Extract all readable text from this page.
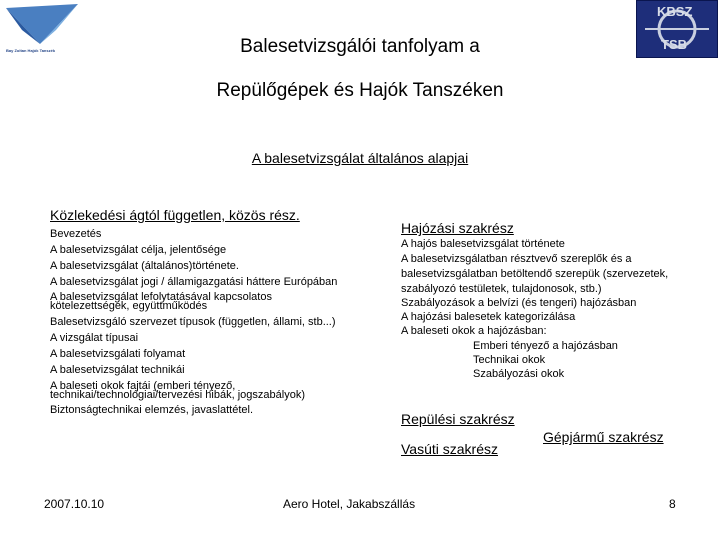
Bay Zoltan Hajók Tanszék
KBSZ
TSB
Balesetvizsgálói tanfolyam a
Repülőgépek és Hajók Tanszéken
A balesetvizsgálat általános alapjai
Közlekedési ágtól független, közös rész.
Bevezetés
A balesetvizsgálat célja, jelentősége
A balesetvizsgálat (általános)története.
A balesetvizsgálat jogi / államigazgatási háttere Európában
A balesetvizsgálat lefolytatásával kapcsolatos
kötelezettségek, együttműködés
Balesetvizsgáló szervezet típusok (független, állami, stb...)
A vizsgálat típusai
A balesetvizsgálati folyamat
A balesetvizsgálat technikái
A baleseti okok fajtái (emberi tényező,
technikai/technológiai/tervezési hibák, jogszabályok)
Biztonságtechnikai elemzés, javaslattétel.
Hajózási szakrész
A hajós balesetvizsgálat története
A balesetvizsgálatban résztvevő szereplők és a
balesetvizsgálatban betöltendő szerepük (szervezetek,
szabályozó testületek, tulajdonosok, stb.)
Szabályozások a belvízi (és tengeri) hajózásban
A hajózási balesetek kategorizálása
A baleseti okok a hajózásban:
Emberi tényező a hajózásban
Technikai okok
Szabályozási okok
Repülési szakrész
Gépjármű szakrész
Vasúti szakrész
2007.10.10	Aero Hotel, Jakabszállás	8
